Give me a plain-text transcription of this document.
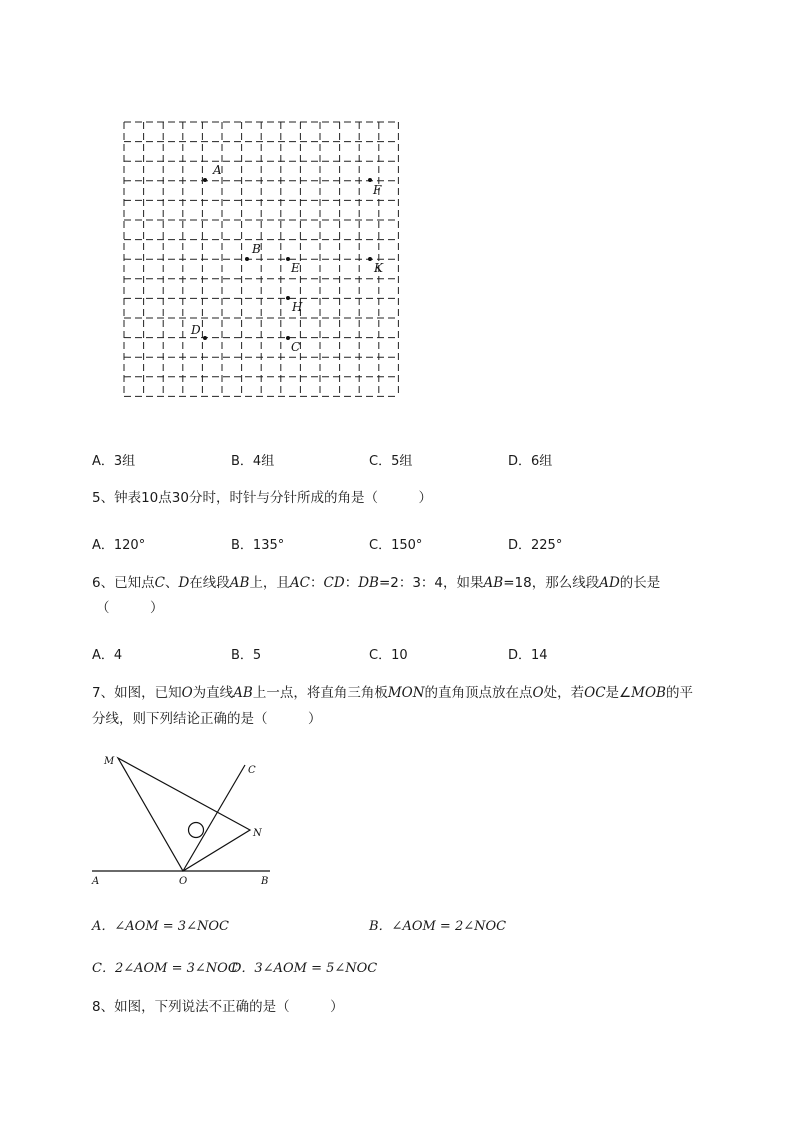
A
F
B
E	K
H
D
C
A．3组	B．4组	C．5组	D．6组
5、钟表10点30分时，时针与分针所成的角是（　　　）
A．120°	B．135°	C．150°	D．225°
6、已知点C、D在线段AB上，且AC：CD：DB=2：3：4，如果AB=18，那么线段AD的长是
（　　　）
A．4	B．5	C．10	D．14
7、如图，已知O为直线AB上一点，将直角三角板MON的直角顶点放在点O处，若OC是∠MOB的平
分线，则下列结论正确的是（　　　）
M
C
N
A	O	B
A．∠AOM = 3∠NOC	B．∠AOM = 2∠NOC
C．2∠AOM = 3∠NOC
D．3∠AOM = 5∠NOC
8、如图，下列说法不正确的是（　　　）
